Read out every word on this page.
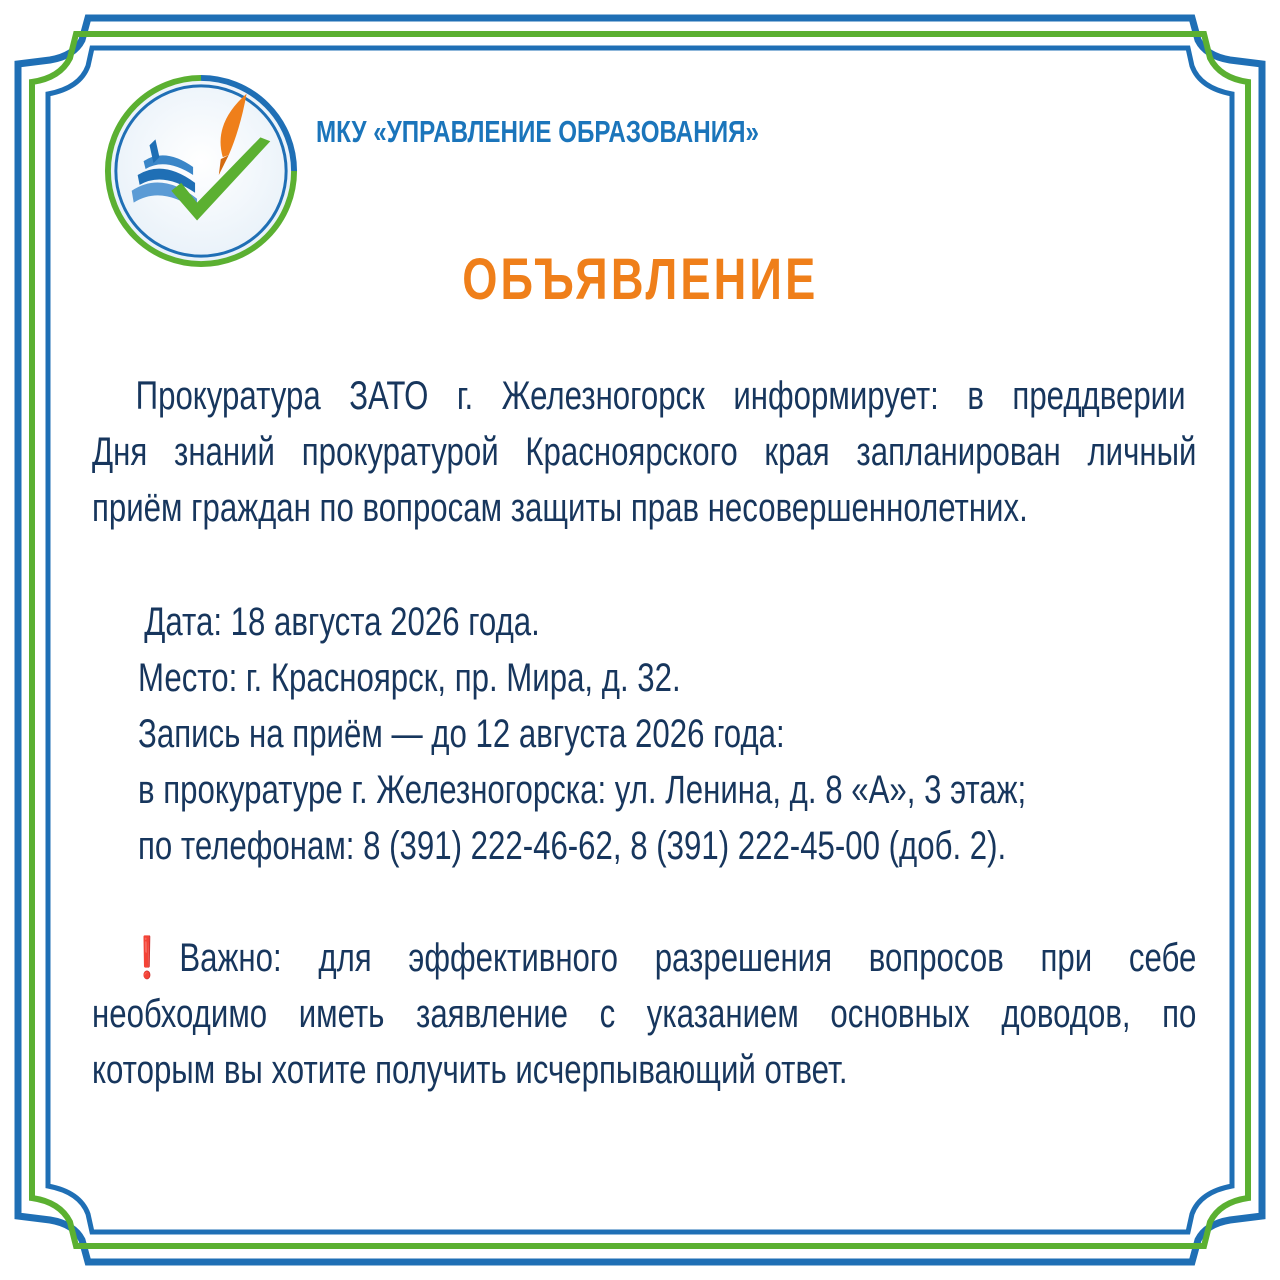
МКУ «УПРАВЛЕНИЕ ОБРАЗОВАНИЯ»
ОБЪЯВЛЕНИЕ
Прокуратура ЗАТО г. Железногорск информирует: в преддверии
Дня знаний прокуратурой Красноярского края запланирован личный
приём граждан по вопросам защиты прав несовершеннолетних.
Дата: 18 августа 2026 года.
Место: г. Красноярск, пр. Мира, д. 32.
Запись на приём — до 12 августа 2026 года:
в прокуратуре г. Железногорска: ул. Ленина, д. 8 «А», 3 этаж;
по телефонам: 8 (391) 222-46-62, 8 (391) 222-45-00 (доб. 2).
❗ Важно: для эффективного разрешения вопросов при себе
необходимо иметь заявление с указанием основных доводов, по
которым вы хотите получить исчерпывающий ответ.
